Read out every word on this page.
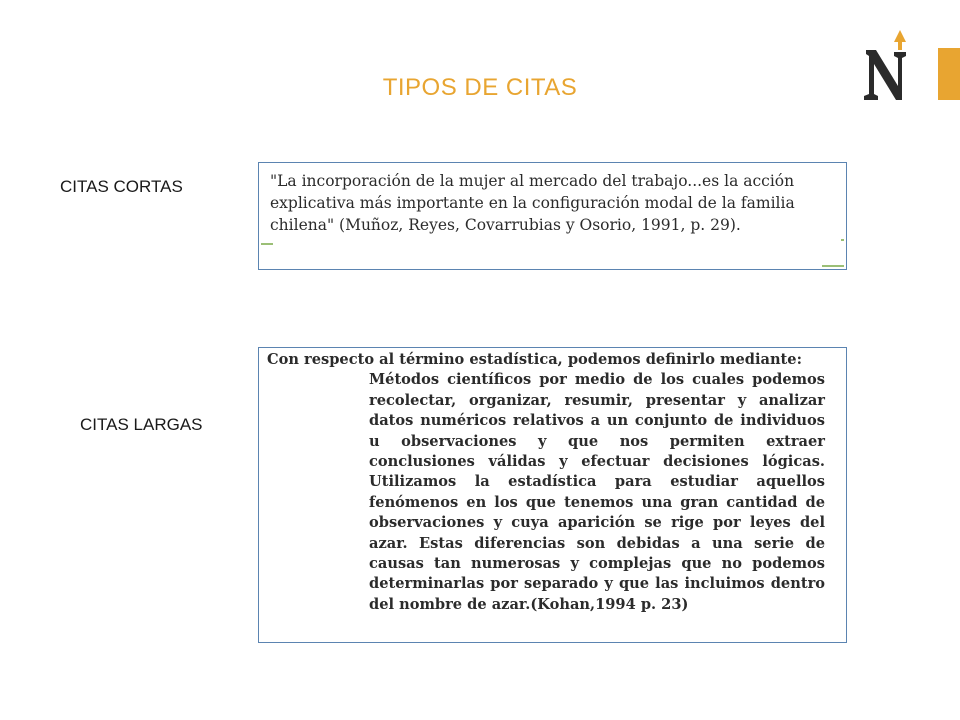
TIPOS DE CITAS
CITAS CORTAS	"La incorporación de la mujer al mercado del trabajo...es la acción explicativa más importante en la configuración modal de la familia chilena" (Muñoz, Reyes, Covarrubias y Osorio, 1991, p. 29).

CITAS LARGAS

Con respecto al término estadística, podemos definirlo mediante:

Métodos científicos por medio de los cuales podemos recolectar, organizar, resumir, presentar y analizar datos numéricos relativos a un conjunto de individuos u observaciones y que nos permiten extraer conclusiones válidas y efectuar decisiones lógicas. Utilizamos la estadística para estudiar aquellos fenómenos en los que tenemos una gran cantidad de observaciones y cuya aparición se rige por leyes del azar. Estas diferencias son debidas a una serie de causas tan numerosas y complejas que no podemos determinarlas por separado y que las incluimos dentro del nombre de azar.(Kohan,1994 p. 23)
